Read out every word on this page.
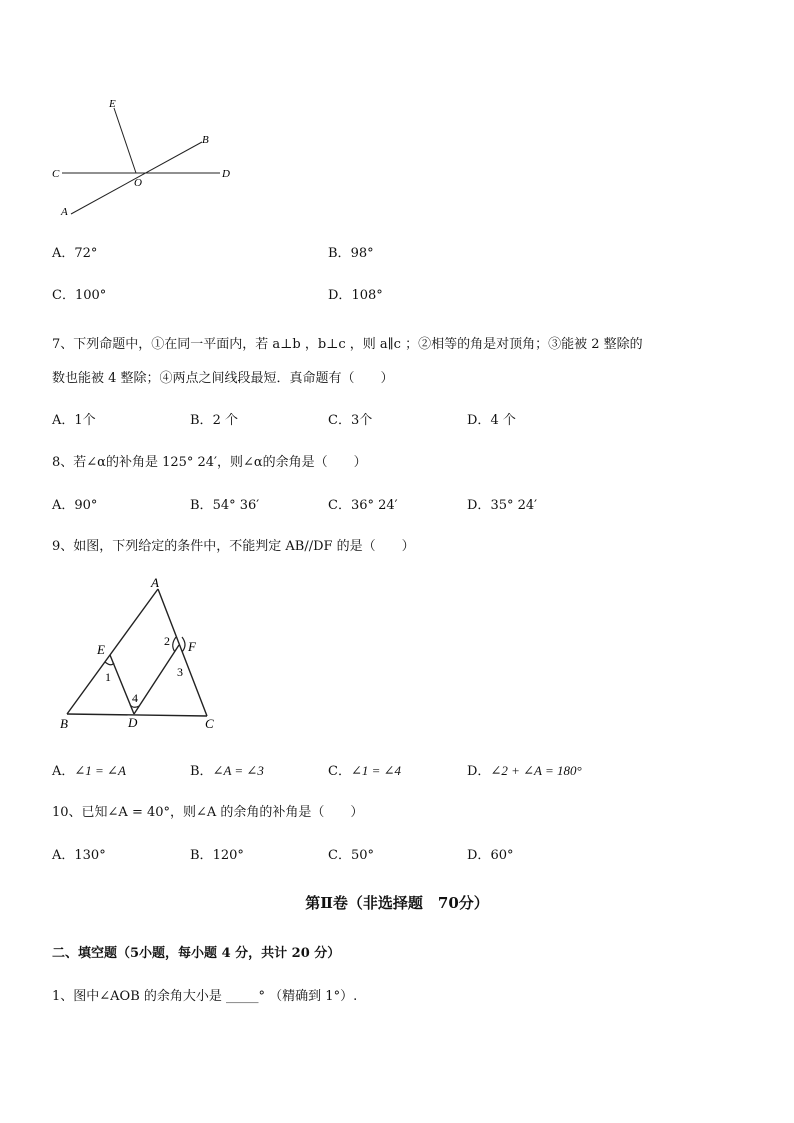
E
B
C
O
D
A
A．72°	B．98°
C．100°	D．108°
7、下列命题中，①在同一平面内，若 a⊥b ，b⊥c ，则 a∥c ；②相等的角是对顶角；③能被 2 整除的
数也能被 4 整除；④两点之间线段最短．真命题有（　　）
A．1个	B．2 个	C．3个	D．4 个
8、若∠α的补角是 125° 24′，则∠α的余角是（　　）
A．90°	B．54° 36′	C．36° 24′	D．35° 24′
9、如图，下列给定的条件中，不能判定 AB//DF 的是（　　）
A
E	F
B	D	C
1
2
3
4
A．∠1 = ∠A	B．∠A = ∠3	C．∠1 = ∠4	D．∠2 + ∠A = 180°
10、已知∠A = 40°，则∠A 的余角的补角是（　　）
A．130°	B．120°	C．50°	D．60°
第Ⅱ卷（非选择题　70分）
二、填空题（5小题，每小题 4 分，共计 20 分）
1、图中∠AOB 的余角大小是 _____° （精确到 1°）.
